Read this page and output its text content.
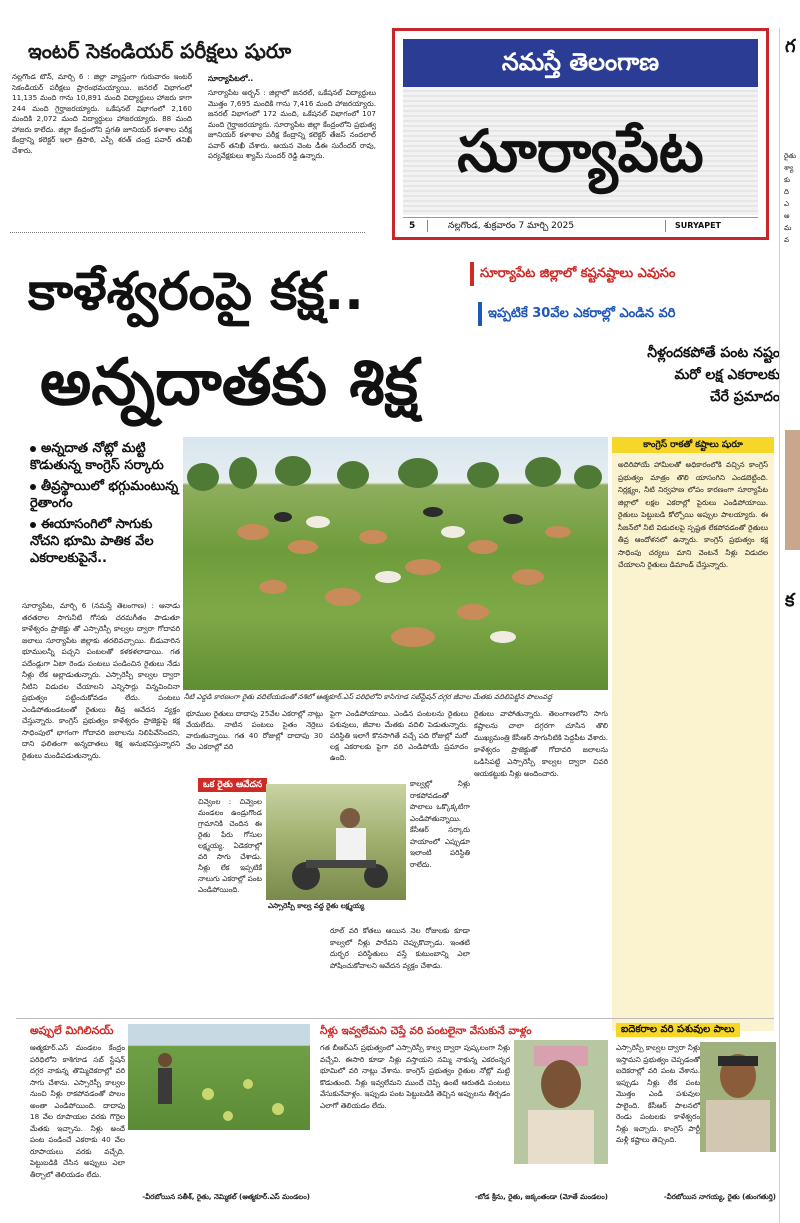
ఇంటర్ సెకండియర్ పరీక్షలు షురూ
నల్లగొండ టౌన్, మార్చి 6 : జిల్లా వ్యాప్తంగా గురువారం ఇంటర్ సెకండియర్ పరీక్షలు ప్రారంభమయ్యాయి. జనరల్ విభాగంలో 11,135 మంది గాను 10,891 మంది విద్యార్థులు హాజరు కాగా 244 మంది గైర్హాజరయ్యారు. ఒకేషనల్ విభాగంలో 2,160 మందికి 2,072 మంది విద్యార్థులు హాజరయ్యారు. 88 మంది హాజరు కాలేదు. జిల్లా కేంద్రంలోని ప్రగతి జూనియర్ కళాశాల పరీక్ష కేంద్రాన్ని కలెక్టర్ ఇలా త్రిపాఠి, ఎస్పీ శరత్ చంద్ర పవార్ తనిఖీ చేశారు.
సూర్యాపేటలో..
సూర్యాపేట అర్బన్ : జిల్లాలో జనరల్, ఒకేషనల్ విద్యార్థులు మొత్తం 7,695 మందికి గాను 7,416 మంది హాజరయ్యారు. జనరల్ విభాగంలో 172 మంది, ఒకేషనల్ విభాగంలో 107 మంది గైర్హాజరయ్యారు. సూర్యాపేట జిల్లా కేంద్రంలోని ప్రభుత్వ జూనియర్ కళాశాల పరీక్ష కేంద్రాన్ని కలెక్టర్ తేజస్ నందలాల్ పవార్ తనిఖీ చేశారు. ఆయన వెంట డీఈ సురేందర్ రావు, పర్యవేక్షకులు శ్యామ్ సుందర్ రెడ్డి ఉన్నారు.
నమస్తే తెలంగాణ
సూర్యాపేట
5	నల్లగొండ, శుక్రవారం 7 మార్చి 2025	SURYAPET
కాళేశ్వరంపై కక్ష..
అన్నదాతకు శిక్ష
సూర్యాపేట జిల్లాలో కష్టనష్టాలు ఎవుసం
ఇప్పటికే 30వేల ఎకరాల్లో ఎండిన వరి
నీళ్లందకపోతే పంట నష్టం
మరో లక్ష ఎకరాలకు
చేరే ప్రమాదం
అన్నదాత నోట్లో మట్టి కొడుతున్న కాంగ్రెస్ సర్కారు
తీవ్రస్థాయిలో భగ్గుమంటున్న రైతాంగం
ఈయాసంగిలో సాగుకు నోచని భూమి పాతిక వేల ఎకరాలకుపైనే..
సూర్యాపేట, మార్చి 6 (నమస్తే తెలంగాణ) : ఆనాడు తరతరాల సాగునీటి గోసకు చరమగీతం పాడుతూ కాళేశ్వరం ప్రాజెక్టు తో ఎస్సారెస్పీ కాల్వల ద్వారా గోదావరి జలాలు సూర్యాపేట జిల్లాకు తరలివచ్చాయి. బీడువారిన భూములన్నీ పచ్చని పంటలతో కళకళలాడాయి. గత పదేండ్లుగా ఏటా రెండు పంటలు పండించిన రైతులు నేడు నీళ్లు లేక అల్లాడుతున్నారు. ఎస్సారెస్పీ కాల్వల ద్వారా నీటిని విడుదల చేయాలని ఎన్నిసార్లు విన్నవించినా ప్రభుత్వం పట్టించుకోవడం లేదు. పంటలు ఎండిపోతుండటంతో రైతులు తీవ్ర ఆవేదన వ్యక్తం చేస్తున్నారు. కాంగ్రెస్ ప్రభుత్వం కాళేశ్వరం ప్రాజెక్టుపై కక్ష సాధింపులో భాగంగా గోదావరి జలాలను నిలిపివేసిందని, దాని ఫలితంగా అన్నదాతలు శిక్ష అనుభవిస్తున్నారని రైతులు మండిపడుతున్నారు.
నీటి ఎద్దడి కారణంగా రైతు వదిలేయడంతో నశిలో ఆత్మకూర్.ఎస్ పరిధిలోని కాసిగూడ సబ్‌స్టేషన్ దగ్గర జీవాల మేతకు వదిలిపెట్టిన పొలంవద్ద
కాంగ్రెస్ రాకతో కష్టాలు షురూ
అదిరిపోయే హామీలతో అధికారంలోకి వచ్చిన కాంగ్రెస్ ప్రభుత్వం మాత్రం తొలి యాసంగిని ఎండబెట్టింది. నిర్లక్ష్యం, నీటి నిర్వహణ లోపం కారణంగా సూర్యాపేట జిల్లాలో లక్షల ఎకరాల్లో పైరులు ఎండిపోయాయి. రైతులు పెట్టుబడి కోల్పోయి అప్పుల పాలయ్యారు. ఈ సీజన్‌లో నీటి విడుదలపై స్పష్టత లేకపోవడంతో రైతులు తీవ్ర ఆందోళనలో ఉన్నారు. కాంగ్రెస్ ప్రభుత్వం కక్ష సాధింపు చర్యలు మాని వెంటనే నీళ్లు విడుదల చేయాలని రైతులు డిమాండ్ చేస్తున్నారు.
భూముల రైతులు దాదాపు 25వేల ఎకరాల్లో నాట్లు వేయలేదు. నాటిన పంటలు సైతం నెర్రెలు వారుతున్నాయి. గత 40 రోజుల్లో దాదాపు 30 వేల ఎకరాల్లో వరి
పైగా ఎండిపోయాయి. ఎండిన పంటలను రైతులు పశువులు, జీవాల మేతకు వదిలి పెడుతున్నారు. పరిస్థితి ఇలాగే కొనసాగితే వచ్చే పది రోజుల్లో మరో లక్ష ఎకరాలకు పైగా వరి ఎండిపోయే ప్రమాదం ఉంది.
రైతులు వాపోతున్నారు. తెలంగాణలోని సాగు కష్టాలను చాలా దగ్గరగా చూసిన తొలి ముఖ్యమంత్రి కేసీఆర్ సాగునీటికి పెద్దపీట వేశారు. కాళేశ్వరం ప్రాజెక్టుతో గోదావరి జలాలను ఒడిసిపట్టి ఎస్సారెస్పీ కాల్వల ద్వారా చివరి ఆయకట్టుకు నీళ్లు అందించారు.
ఒక రైతు ఆవేదన
చివ్వెంల : చివ్వెంల మండలం ఉండ్రుగొండ గ్రామానికి చెందిన ఈ రైతు పేరు గోసుల లక్ష్మయ్య. ఏడెకరాల్లో వరి సాగు చేశాడు. నీళ్లు లేక ఇప్పటికే నాలుగు ఎకరాల్లో పంట ఎండిపోయింది.
ఎస్సారెస్పీ కాల్వ వద్ద రైతు లక్ష్మయ్య
కాల్వల్లో నీళ్లు రాకపోవడంతో పొలాలు ఒక్కొక్కటిగా ఎండిపోతున్నాయి. కేసీఆర్ సర్కారు హయాంలో ఎప్పుడూ ఇలాంటి పరిస్థితి రాలేదు.
రూల్ వరి కోతలు ఆయిన నెల రోజులకు కూడా కాల్వలో నీళ్లు పారేవని చెప్పుకొచ్చాడు. ఇంతటి దుర్భర పరిస్థితులు వస్తే కుటుంబాన్ని ఎలా పోషించుకోవాలని ఆవేదన వ్యక్తం చేశాడు.
అప్పులే మిగిలినయ్
ఆత్మకూర్.ఎస్ మండలం కేంద్రం పరిధిలోని కాశిగూడ సబ్ స్టేషన్ దగ్గర నాకున్న తొమ్మిదెకరాల్లో వరి సాగు చేశాను. ఎస్సారెస్పీ కాల్వల నుంచి నీళ్లు రాకపోవడంతో పొలం అంతా ఎండిపోయింది. దాదాపు 18 వేల రూపాయల వరకు గొర్రెల మేతకు ఇచ్చాను. నీళ్లు అందే పంట పండించే ఎకరాకు 40 వేల రూపాయలు వరకు వచ్చేది. పెట్టుబడికి చేసిన అప్పులు ఎలా తీర్చాలో తెలియడం లేదు.
-వీరబోయిన సతీశ్, రైతు, నెమ్మికల్ (ఆత్మకూర్.ఎస్ మండలం)
నీళ్లు ఇవ్వలేమని చెప్తే వరి పంటలైనా వేసుకునే వాళ్లం
గత బీఆర్ఎస్ ప్రభుత్వంలో ఎస్సారెస్పీ కాల్వ ద్వారా పుష్కలంగా నీళ్లు వచ్చేవి. ఈసారి కూడా నీళ్లు వస్తాయని నమ్మి నాకున్న ఎకరంన్నర భూమిలో వరి నాట్లు వేశాను. కాంగ్రెస్ ప్రభుత్వం రైతుల నోట్లో మట్టి కొడుతుంది. నీళ్లు ఇవ్వలేమని ముందే చెప్పి ఉంటే ఆరుతడి పంటలు వేసుకునేవాళ్లం. ఇప్పుడు పంట పెట్టుబడికి తెచ్చిన అప్పులను తీర్చడం ఎలాగో తెలియడం లేదు.
-బోడ శ్రీను, రైతు, జక్కంతండా (మోతే మండలం)
ఐదెకరాల వరి పశువుల పాలు
ఎస్సారెస్పీ కాల్వల ద్వారా నీళ్లు ఇస్తామని ప్రభుత్వం చెప్పడంతో ఐదెకరాల్లో వరి పంట వేశాను. ఇప్పుడు నీళ్లు లేక పంట మొత్తం ఎండి పశువుల పాలైంది. కేసీఆర్ పాలనలో రెండు పంటలకు కాళేశ్వరం నీళ్లు ఇచ్చారు. కాంగ్రెస్ పార్టీ మళ్లీ కష్టాలు తెచ్చింది.
-వీరబోయిన నాగయ్య, రైతు (తుంగతుర్తి)
గ
రైతు
శ్యా
కు
ది
ఎ
అ
మ
వ
క
